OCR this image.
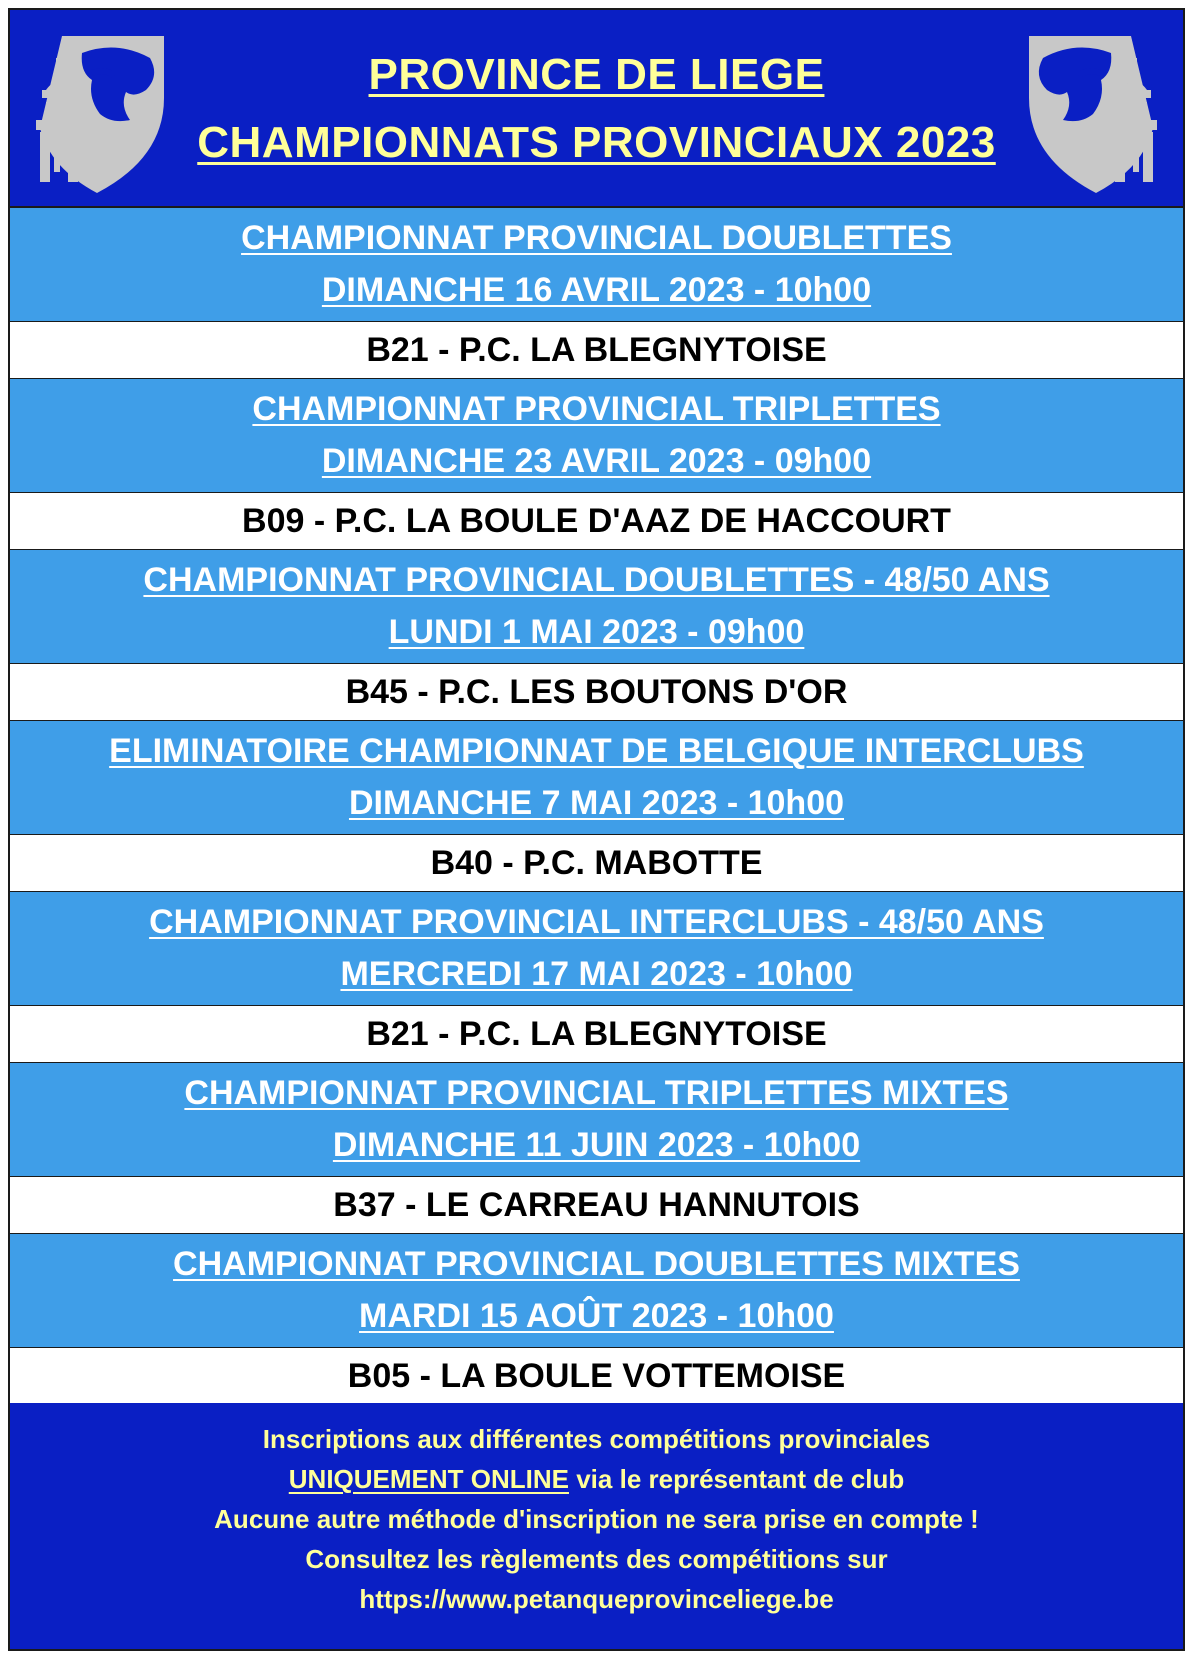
PROVINCE DE LIEGE
CHAMPIONNATS PROVINCIAUX 2023
CHAMPIONNAT PROVINCIAL DOUBLETTES
DIMANCHE 16 AVRIL 2023 - 10h00
B21 - P.C. LA BLEGNYTOISE
CHAMPIONNAT PROVINCIAL TRIPLETTES
DIMANCHE 23 AVRIL 2023 - 09h00
B09 - P.C. LA BOULE D'AAZ DE HACCOURT
CHAMPIONNAT PROVINCIAL DOUBLETTES - 48/50 ANS
LUNDI 1 MAI 2023 - 09h00
B45 - P.C. LES BOUTONS D'OR
ELIMINATOIRE CHAMPIONNAT DE BELGIQUE INTERCLUBS
DIMANCHE 7 MAI 2023 - 10h00
B40 - P.C. MABOTTE
CHAMPIONNAT PROVINCIAL INTERCLUBS - 48/50 ANS
MERCREDI 17 MAI 2023 - 10h00
B21 - P.C. LA BLEGNYTOISE
CHAMPIONNAT PROVINCIAL TRIPLETTES MIXTES
DIMANCHE 11 JUIN 2023 - 10h00
B37 - LE CARREAU HANNUTOIS
CHAMPIONNAT PROVINCIAL DOUBLETTES MIXTES
MARDI 15 AOÛT 2023 - 10h00
B05 - LA BOULE VOTTEMOISE
Inscriptions aux différentes compétitions provinciales
UNIQUEMENT ONLINE via le représentant de club
Aucune autre méthode d'inscription ne sera prise en compte !
Consultez les règlements des compétitions sur
https://www.petanqueprovinceliege.be
